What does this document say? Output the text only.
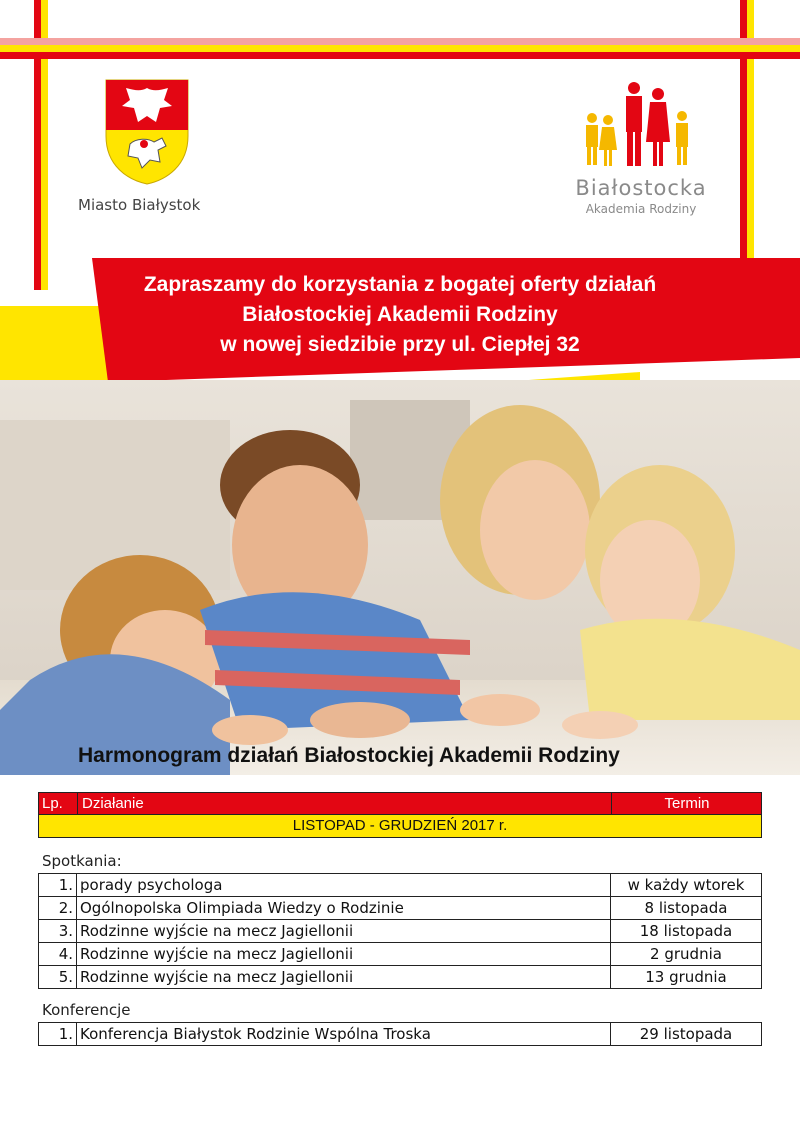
Miasto Białystok
Białostocka
Akademia Rodziny
Zapraszamy do korzystania z bogatej oferty działań
Białostockiej Akademii Rodziny
w nowej siedzibie przy ul. Ciepłej 32
Harmonogram działań Białostockiej Akademii Rodziny
Lp.	Działanie	Termin
LISTOPAD - GRUDZIEŃ 2017 r.
Spotkania:
1.	porady psychologa	w każdy wtorek
2.	Ogólnopolska Olimpiada Wiedzy o Rodzinie	8 listopada
3.	Rodzinne wyjście na mecz Jagiellonii	18 listopada
4.	Rodzinne wyjście na mecz Jagiellonii	2 grudnia
5.	Rodzinne wyjście na mecz Jagiellonii	13 grudnia
Konferencje
1.	Konferencja Białystok Rodzinie Wspólna Troska	29 listopada
